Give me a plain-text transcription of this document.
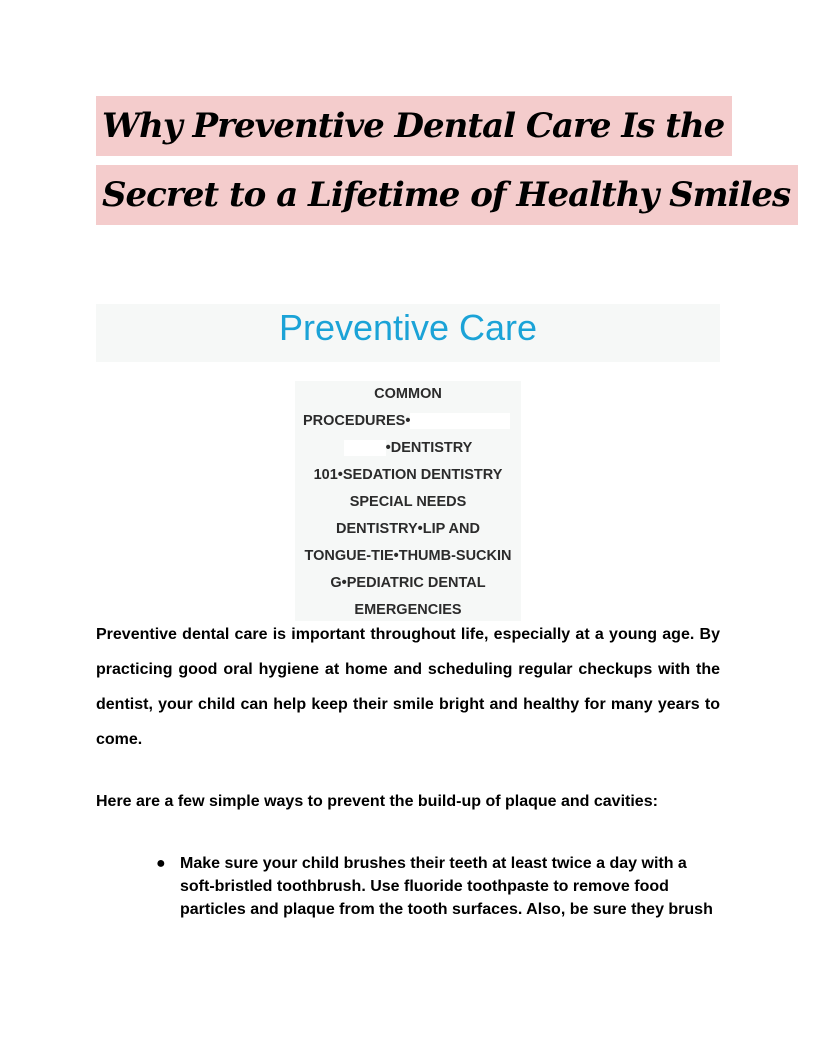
Why Preventive Dental Care Is the
Secret to a Lifetime of Healthy Smiles
Preventive Care
COMMON
PROCEDURES•
•DENTISTRY
101•SEDATION DENTISTRY
SPECIAL NEEDS
DENTISTRY•LIP AND
TONGUE-TIE•THUMB-SUCKIN
G•PEDIATRIC DENTAL
EMERGENCIES
Preventive dental care is important throughout life, especially at a young age. By practicing good oral hygiene at home and scheduling regular checkups with the dentist, your child can help keep their smile bright and healthy for many years to come.
Here are a few simple ways to prevent the build-up of plaque and cavities:
● Make sure your child brushes their teeth at least twice a day with a soft-bristled toothbrush. Use fluoride toothpaste to remove food particles and plaque from the tooth surfaces. Also, be sure they brush
